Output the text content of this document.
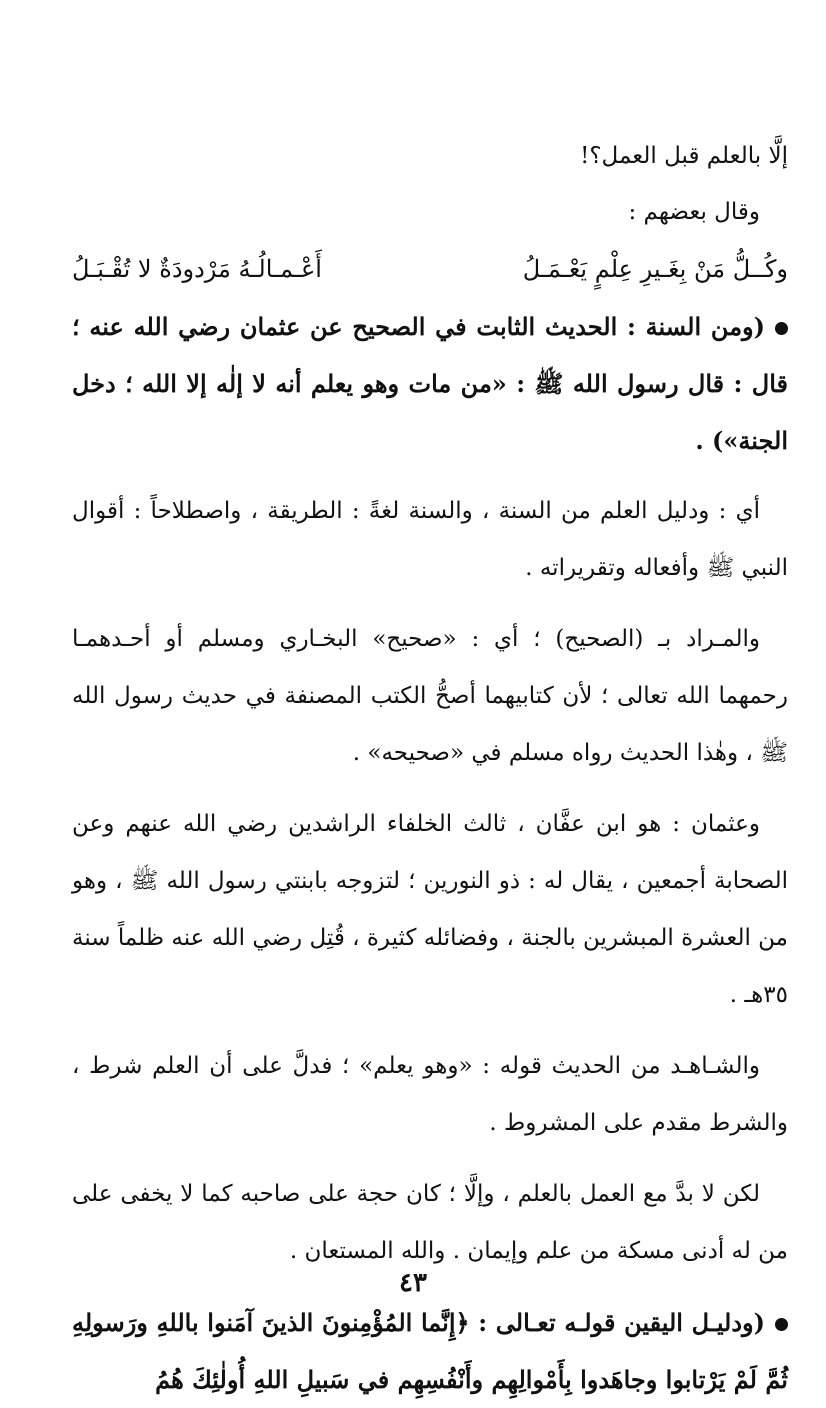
إلَّا بالعلم قبل العمل؟!

وقال بعضهم :

وكُــلُّ مَنْ بِغَـيرِ عِلْمٍ يَعْـمَـلُ
أَعْـمـالُـهُ مَرْدودَةٌ لا تُقْـبَـلُ

(ومن السنة : الحديث الثابت في الصحيح عن عثمان رضي الله عنه ؛ قال : قال رسول الله ﷺ : «من مات وهو يعلم أنه لا إلٰه إلا الله ؛ دخل الجنة») .

أي : ودليل العلم من السنة ، والسنة لغةً : الطريقة ، واصطلاحاً : أقوال النبي ﷺ وأفعاله وتقريراته .

والمـراد بـ (الصحيح) ؛ أي : «صحيح» البخـاري ومسلم أو أحـدهمـا رحمهما الله تعالى ؛ لأن كتابيهما أصحُّ الكتب المصنفة في حديث رسول الله ﷺ ، وهٰذا الحديث رواه مسلم في «صحيحه» .

وعثمان : هو ابن عفَّان ، ثالث الخلفاء الراشدين رضي الله عنهم وعن الصحابة أجمعين ، يقال له : ذو النورين ؛ لتزوجه بابنتي رسول الله ﷺ ، وهو من العشرة المبشرين بالجنة ، وفضائله كثيرة ، قُتِل رضي الله عنه ظلماً سنة ٣٥هـ .

والشـاهـد من الحديث قوله : «وهو يعلم» ؛ فدلَّ على أن العلم شرط ، والشرط مقدم على المشروط .

لكن لا بدَّ مع العمل بالعلم ، وإلَّا ؛ كان حجة على صاحبه كما لا يخفى على من له أدنى مسكة من علم وإيمان . والله المستعان .

(ودليـل اليقين قولـه تعـالى : ﴿إِنَّما المُؤْمِنونَ الذينَ آمَنوا باللهِ ورَسولِهِ ثُمَّ لَمْ يَرْتابوا وجاهَدوا بِأَمْوالِهِم وأَنْفُسِهِم في سَبيلِ اللهِ أُولٰئِكَ هُمُ

٤٣
